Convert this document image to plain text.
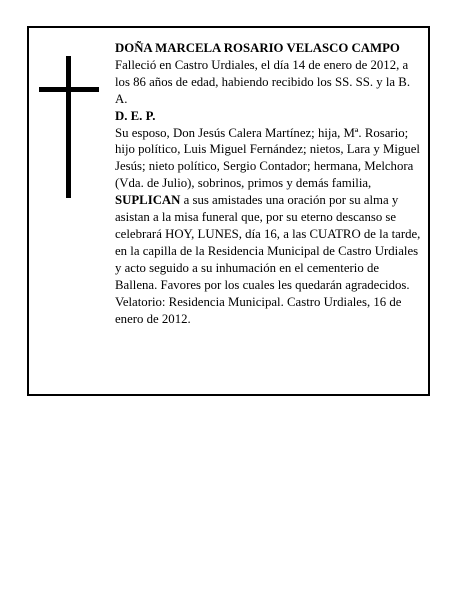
DOÑA MARCELA ROSARIO VELASCO CAMPO

Falleció en Castro Urdiales, el día 14 de enero de 2012, a los 86 años de edad, habiendo recibido los SS. SS. y la B. A.

D. E. P.

Su esposo, Don Jesús Calera Martínez; hija, Mª. Rosario; hijo político, Luis Miguel Fernández; nietos, Lara y Miguel Jesús; nieto político, Sergio Contador; hermana, Melchora (Vda. de Julio), sobrinos, primos y demás familia,

SUPLICAN a sus amistades una oración por su alma y asistan a la misa funeral que, por su eterno descanso se celebrará HOY, LUNES, día 16, a las CUATRO de la tarde, en la capilla de la Residencia Municipal de Castro Urdiales y acto seguido a su inhumación en el cementerio de Ballena. Favores por los cuales les quedarán agradecidos. Velatorio: Residencia Municipal. Castro Urdiales, 16 de enero de 2012.
